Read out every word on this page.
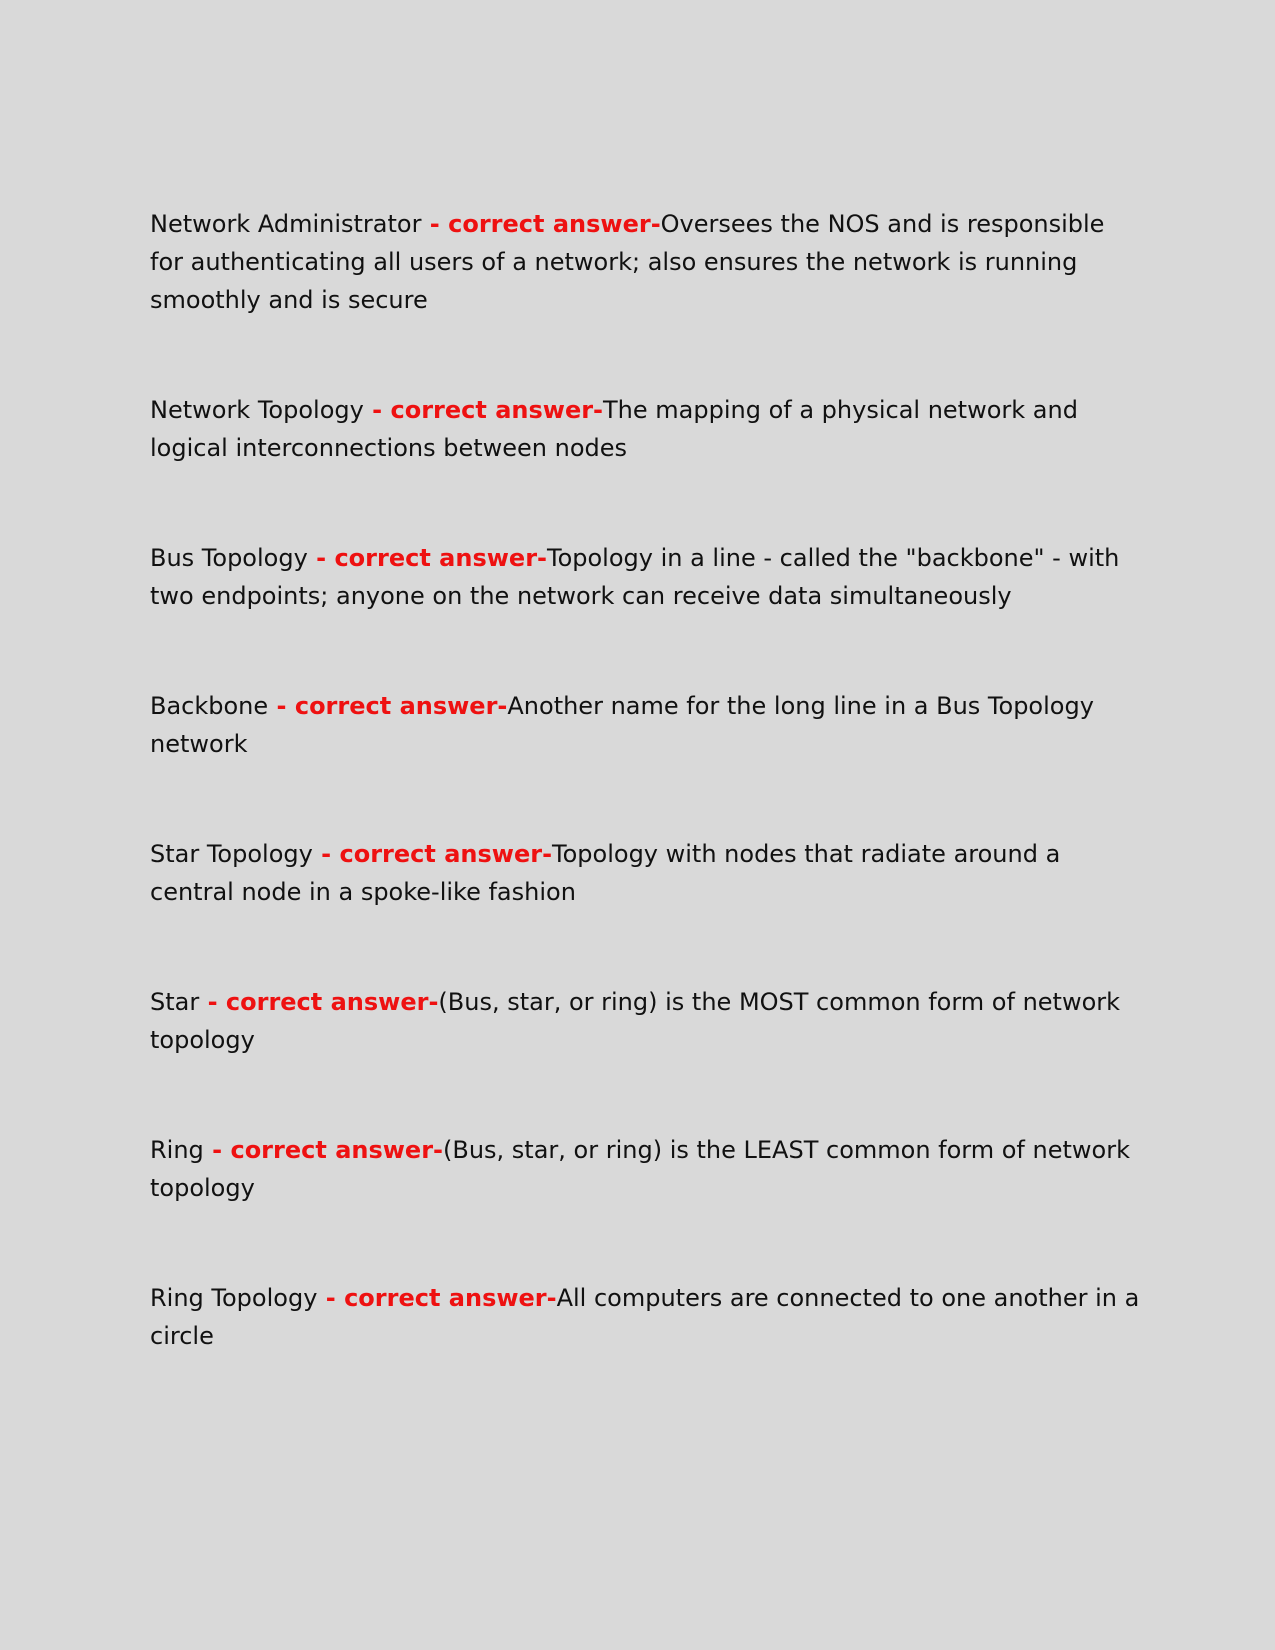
Network Administrator - correct answer-Oversees the NOS and is responsible for authenticating all users of a network; also ensures the network is running smoothly and is secure

Network Topology - correct answer-The mapping of a physical network and logical interconnections between nodes

Bus Topology - correct answer-Topology in a line - called the "backbone" - with two endpoints; anyone on the network can receive data simultaneously

Backbone - correct answer-Another name for the long line in a Bus Topology network

Star Topology - correct answer-Topology with nodes that radiate around a central node in a spoke-like fashion

Star - correct answer-(Bus, star, or ring) is the MOST common form of network topology

Ring - correct answer-(Bus, star, or ring) is the LEAST common form of network topology

Ring Topology - correct answer-All computers are connected to one another in a circle
